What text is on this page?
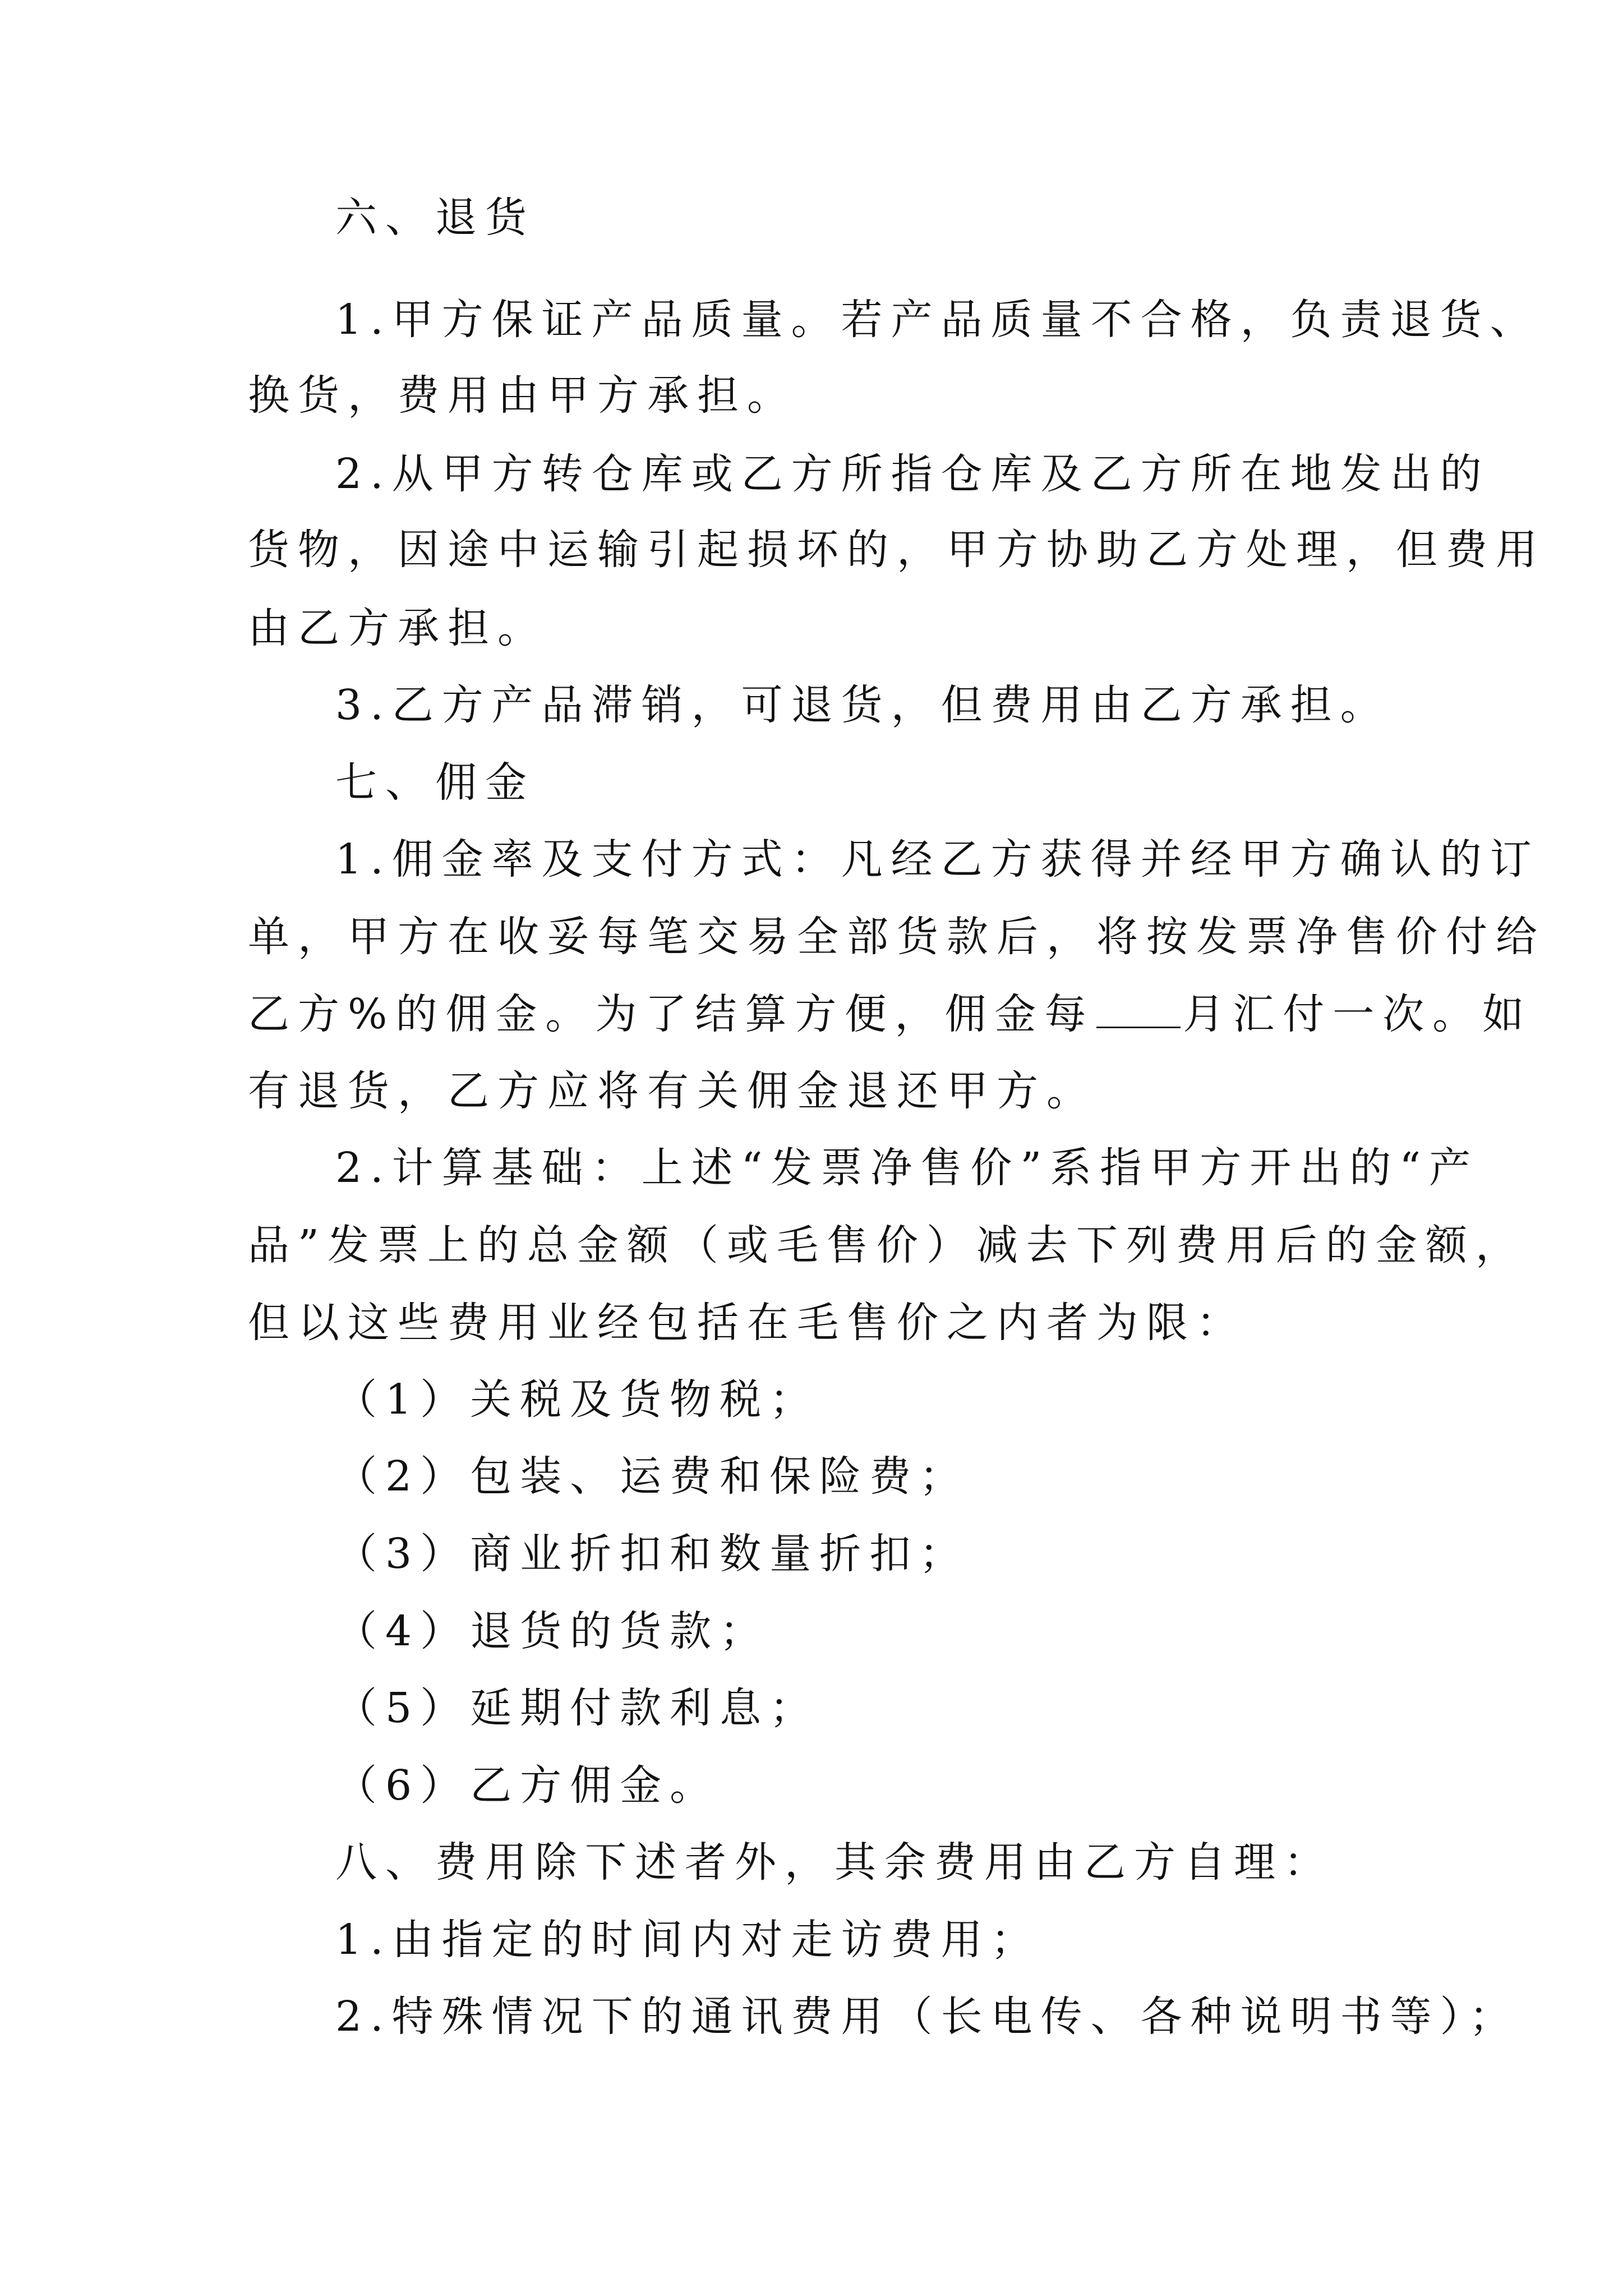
六、退货

1.甲方保证产品质量。若产品质量不合格，负责退货、

换货，费用由甲方承担。

2.从甲方转仓库或乙方所指仓库及乙方所在地发出的

货物，因途中运输引起损坏的，甲方协助乙方处理，但费用

由乙方承担。

3.乙方产品滞销，可退货，但费用由乙方承担。

七、佣金

1.佣金率及支付方式：凡经乙方获得并经甲方确认的订

单，甲方在收妥每笔交易全部货款后，将按发票净售价付给

乙方%的佣金。为了结算方便，佣金每 月汇付一次。如

有退货，乙方应将有关佣金退还甲方。

2.计算基础：上述“发票净售价”系指甲方开出的“产

品”发票上的总金额（或毛售价）减去下列费用后的金额，

但以这些费用业经包括在毛售价之内者为限：

（1）关税及货物税；

（2）包装、运费和保险费；

（3）商业折扣和数量折扣；

（4）退货的货款；

（5）延期付款利息；

（6）乙方佣金。

八、费用除下述者外，其余费用由乙方自理：

1.由指定的时间内对走访费用；

2.特殊情况下的通讯费用（长电传、各种说明书等）；
